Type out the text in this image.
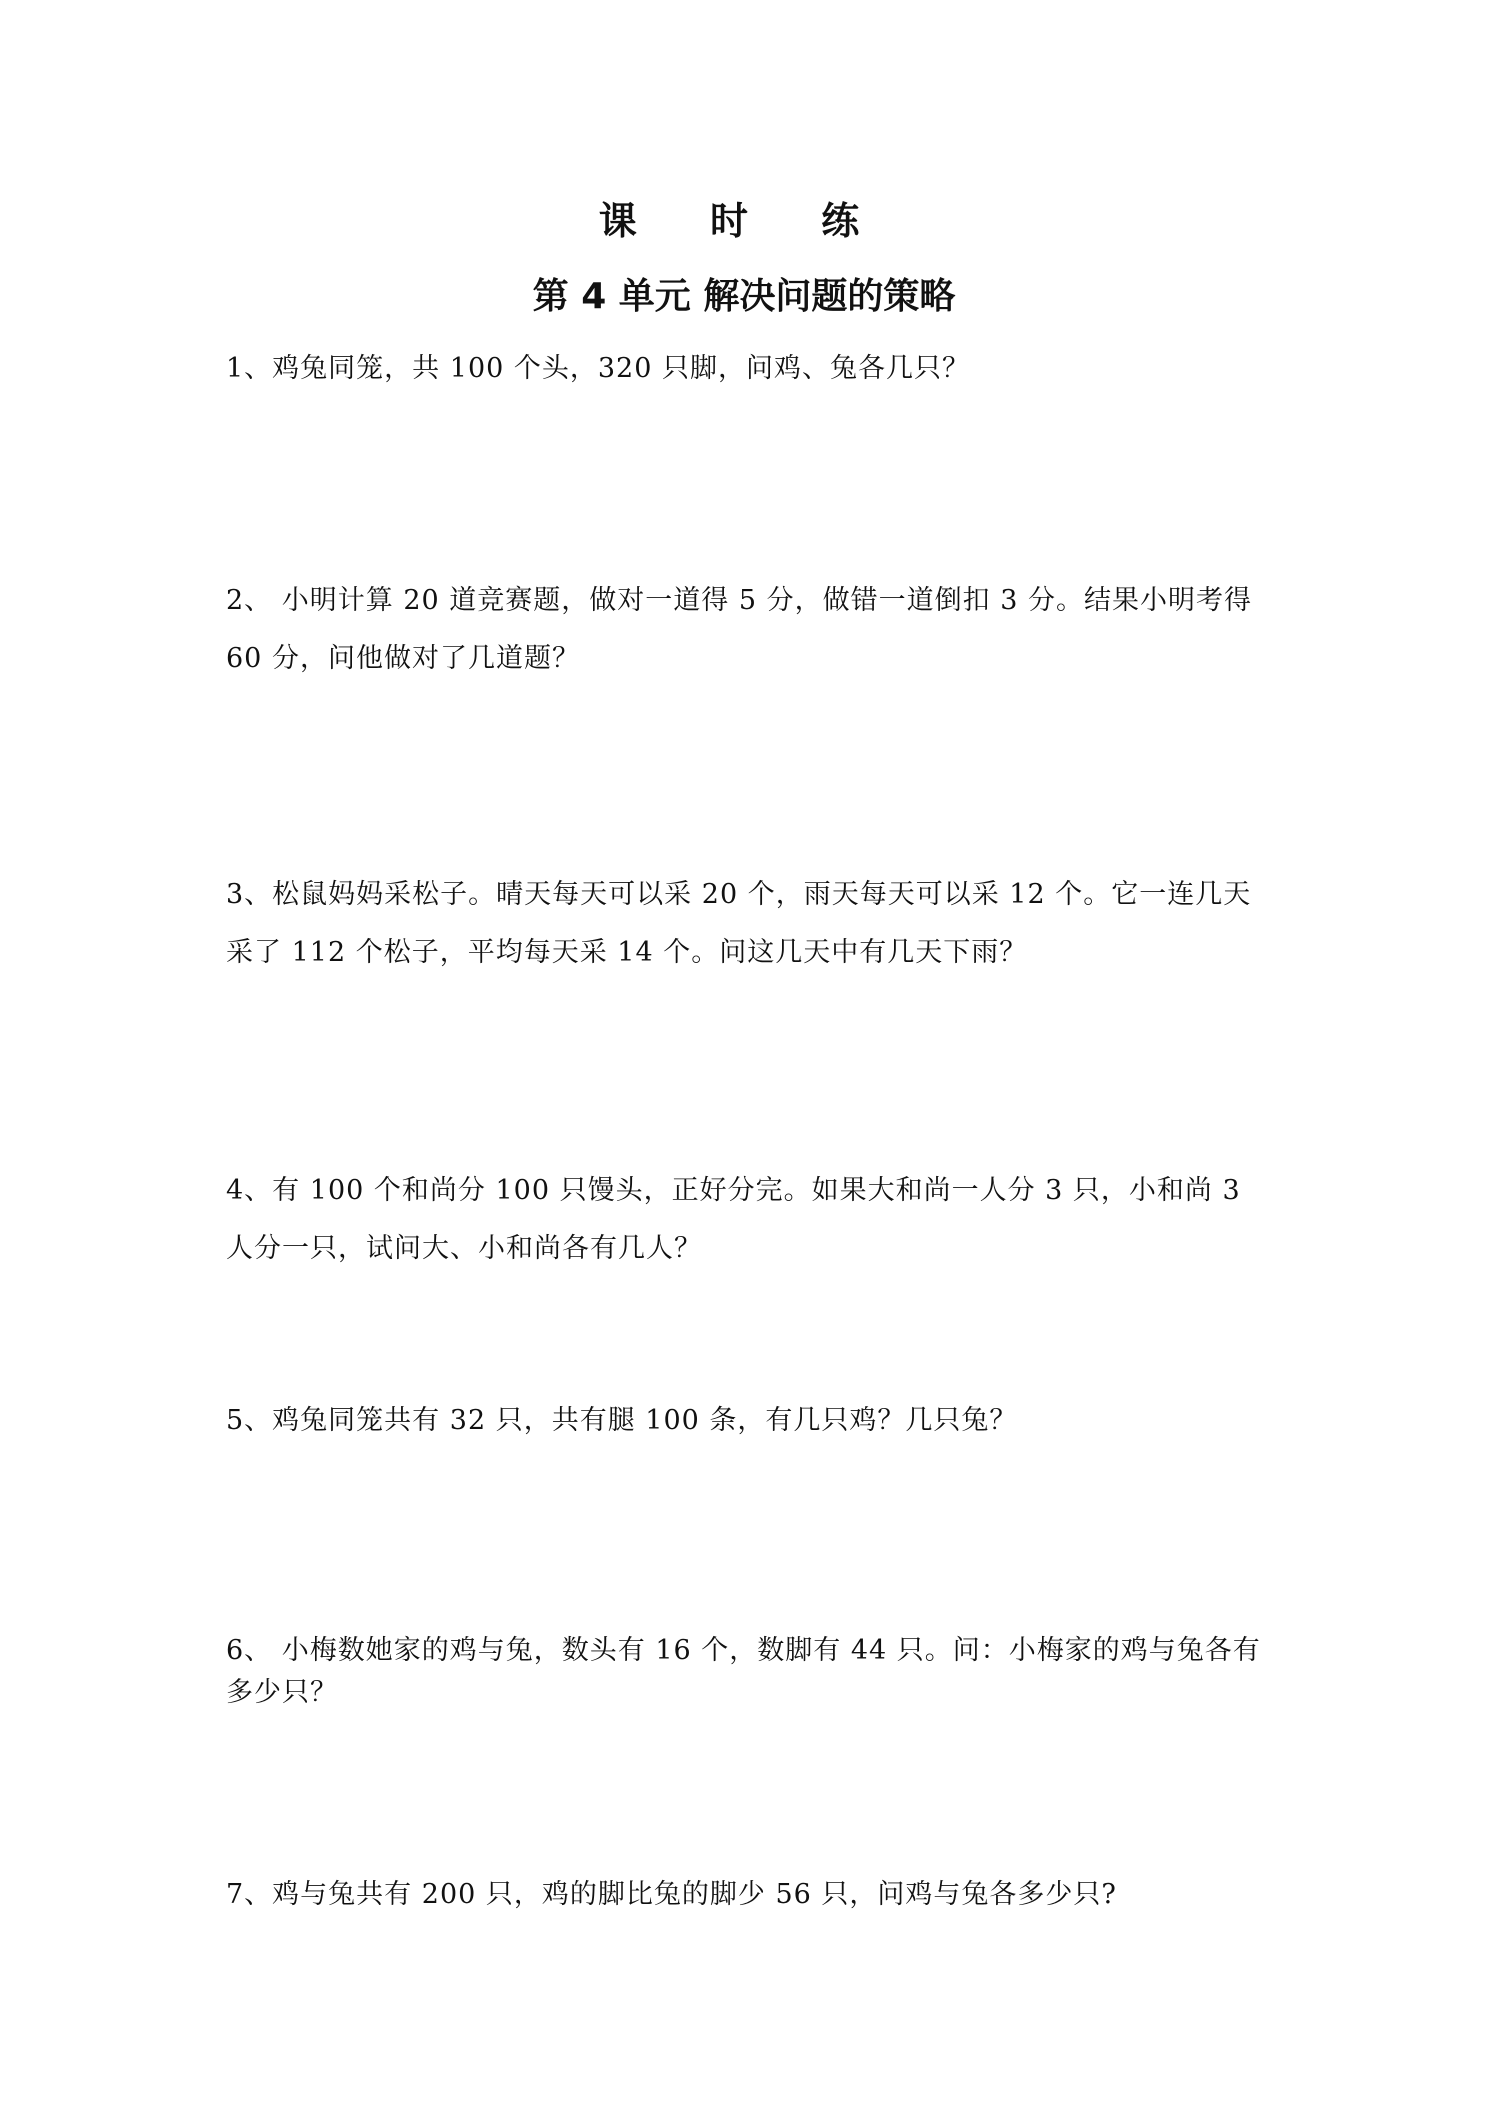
课 时 练
第 4 单元 解决问题的策略
1、鸡兔同笼，共 100 个头，320 只脚，问鸡、兔各几只？
2、 小明计算 20 道竞赛题，做对一道得 5 分，做错一道倒扣 3 分。结果小明考得 60 分，问他做对了几道题？
3、松鼠妈妈采松子。晴天每天可以采 20 个，雨天每天可以采 12 个。它一连几天采了 112 个松子，平均每天采 14 个。问这几天中有几天下雨？
4、有 100 个和尚分 100 只馒头，正好分完。如果大和尚一人分 3 只，小和尚 3 人分一只，试问大、小和尚各有几人？
5、鸡兔同笼共有 32 只，共有腿 100 条，有几只鸡？几只兔？
6、 小梅数她家的鸡与兔，数头有 16 个，数脚有 44 只。问：小梅家的鸡与兔各有多少只？
7、鸡与兔共有 200 只，鸡的脚比兔的脚少 56 只，问鸡与兔各多少只?
